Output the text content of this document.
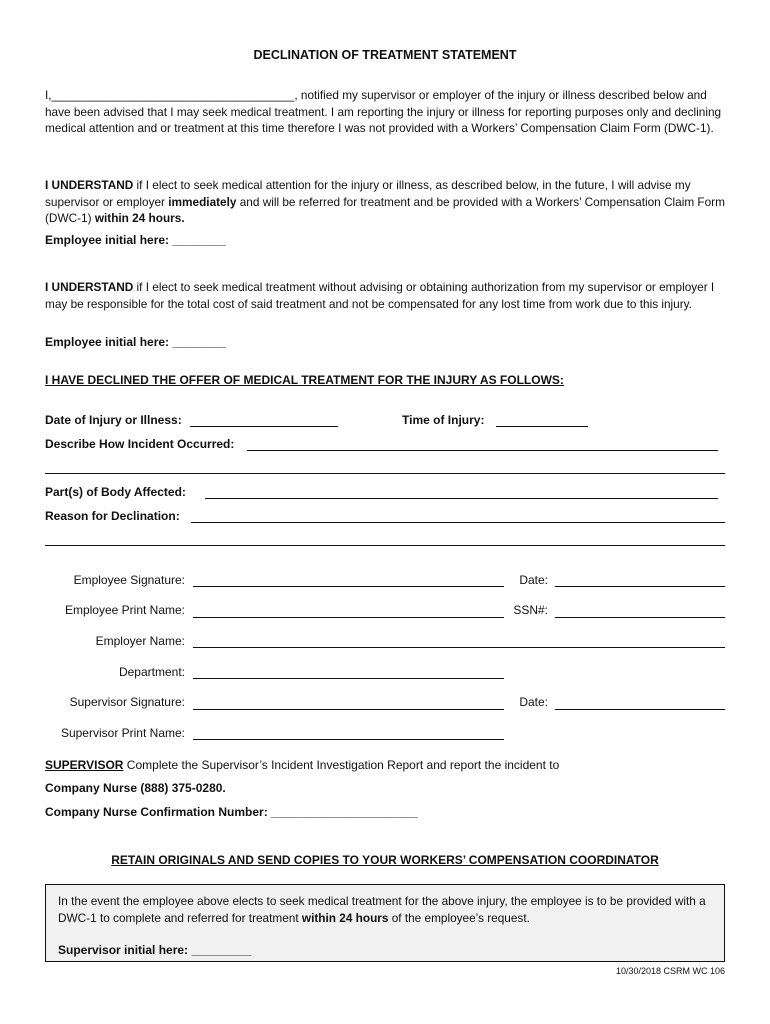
DECLINATION OF TREATMENT STATEMENT
I,_____________________________________, notified my supervisor or employer of the injury or illness described below and have been advised that I may seek medical treatment. I am reporting the injury or illness for reporting purposes only and declining medical attention and or treatment at this time therefore I was not provided with a Workers’ Compensation Claim Form (DWC-1).
I UNDERSTAND if I elect to seek medical attention for the injury or illness, as described below, in the future, I will advise my supervisor or employer immediately and will be referred for treatment and be provided with a Workers’ Compensation Claim Form (DWC-1) within 24 hours.
Employee initial here: ________
I UNDERSTAND if I elect to seek medical treatment without advising or obtaining authorization from my supervisor or employer I may be responsible for the total cost of said treatment and not be compensated for any lost time from work due to this injury.
Employee initial here: ________
I HAVE DECLINED THE OFFER OF MEDICAL TREATMENT FOR THE INJURY AS FOLLOWS:
Date of Injury or Illness:	Time of Injury:
Describe How Incident Occurred:
Part(s) of Body Affected:
Reason for Declination:
Employee Signature:	Date:
Employee Print Name:	SSN#:
Employer Name:
Department:
Supervisor Signature:	Date:
Supervisor Print Name:
SUPERVISOR Complete the Supervisor’s Incident Investigation Report and report the incident to
Company Nurse (888) 375-0280.
Company Nurse Confirmation Number: ______________________
RETAIN ORIGINALS AND SEND COPIES TO YOUR WORKERS’ COMPENSATION COORDINATOR
In the event the employee above elects to seek medical treatment for the above injury, the employee is to be provided with a DWC-1 to complete and referred for treatment within 24 hours of the employee’s request.
Supervisor initial here: _________
10/30/2018 CSRM WC 106
